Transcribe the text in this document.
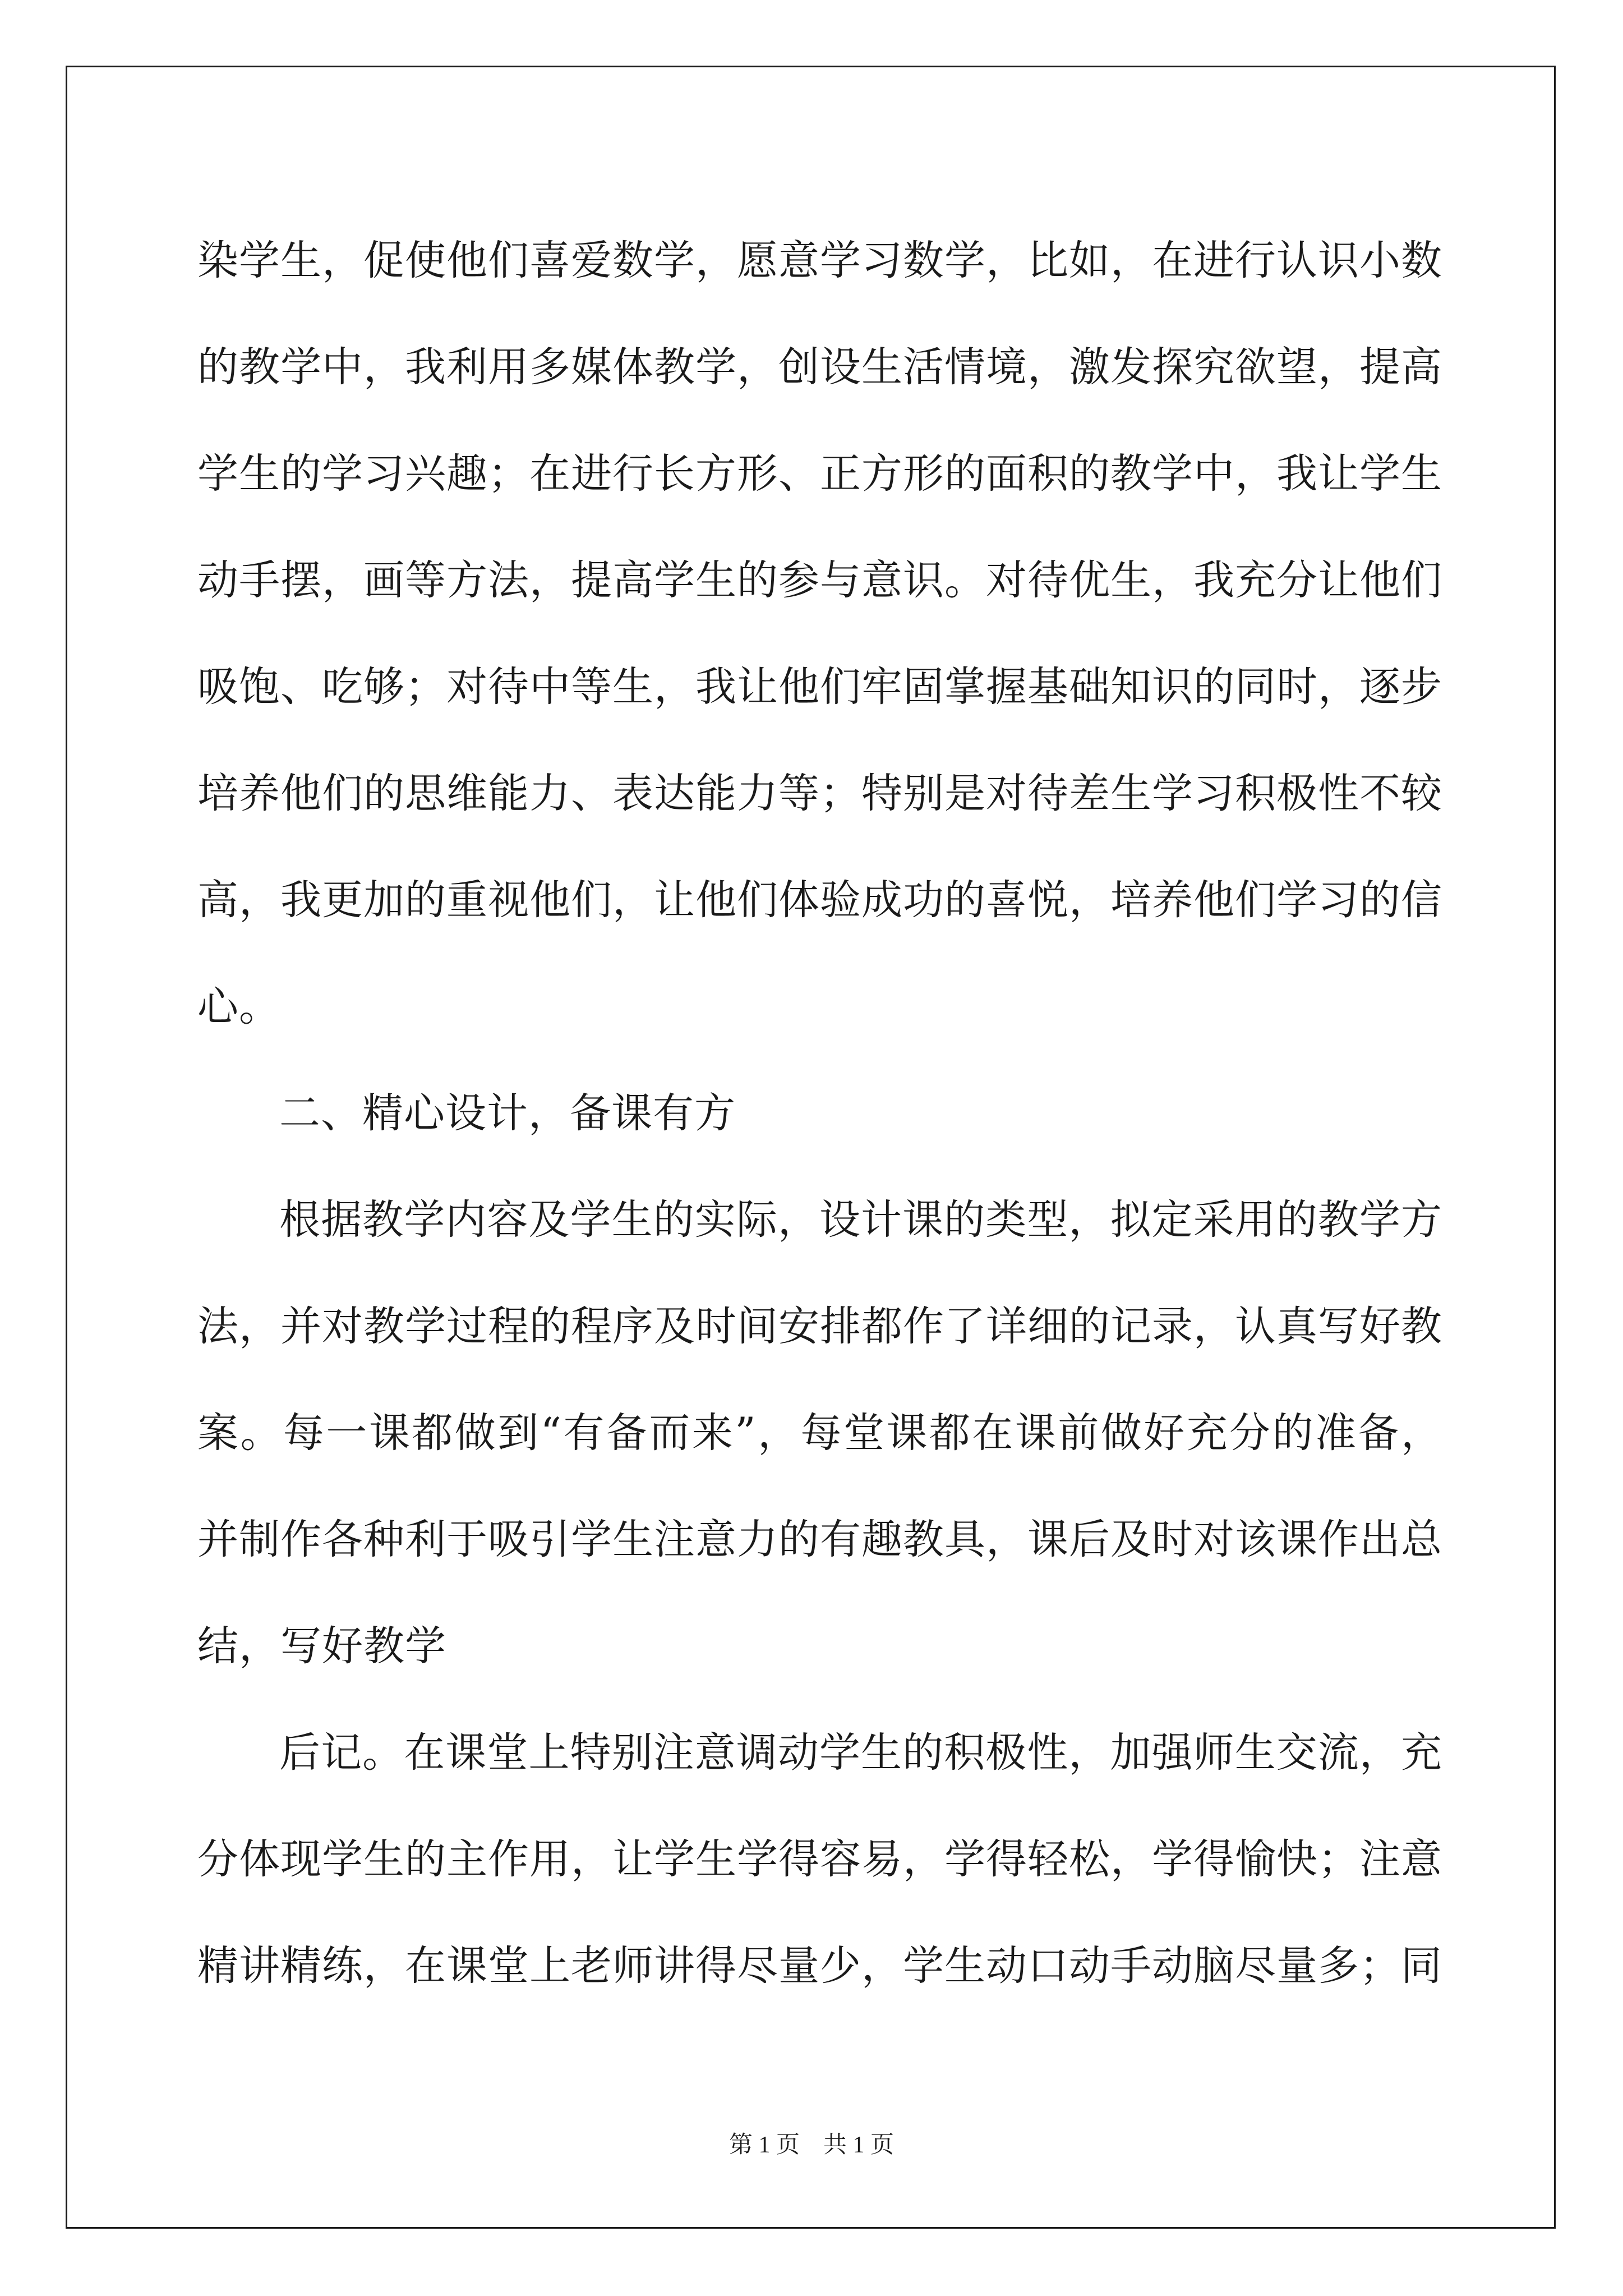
染学生，促使他们喜爱数学，愿意学习数学，比如，在进行认识小数的教学中，我利用多媒体教学，创设生活情境，激发探究欲望，提高学生的学习兴趣；在进行长方形、正方形的面积的教学中，我让学生动手摆，画等方法，提高学生的参与意识。对待优生，我充分让他们吸饱、吃够；对待中等生，我让他们牢固掌握基础知识的同时，逐步培养他们的思维能力、表达能力等；特别是对待差生学习积极性不较高，我更加的重视他们，让他们体验成功的喜悦，培养他们学习的信心。

二、精心设计，备课有方

根据教学内容及学生的实际，设计课的类型，拟定采用的教学方法，并对教学过程的程序及时间安排都作了详细的记录，认真写好教案。每一课都做到“有备而来”，每堂课都在课前做好充分的准备，并制作各种利于吸引学生注意力的有趣教具，课后及时对该课作出总结，写好教学

后记。在课堂上特别注意调动学生的积极性，加强师生交流，充分体现学生的主作用，让学生学得容易，学得轻松，学得愉快；注意精讲精练，在课堂上老师讲得尽量少，学生动口动手动脑尽量多；同

第 1 页　共 1 页
